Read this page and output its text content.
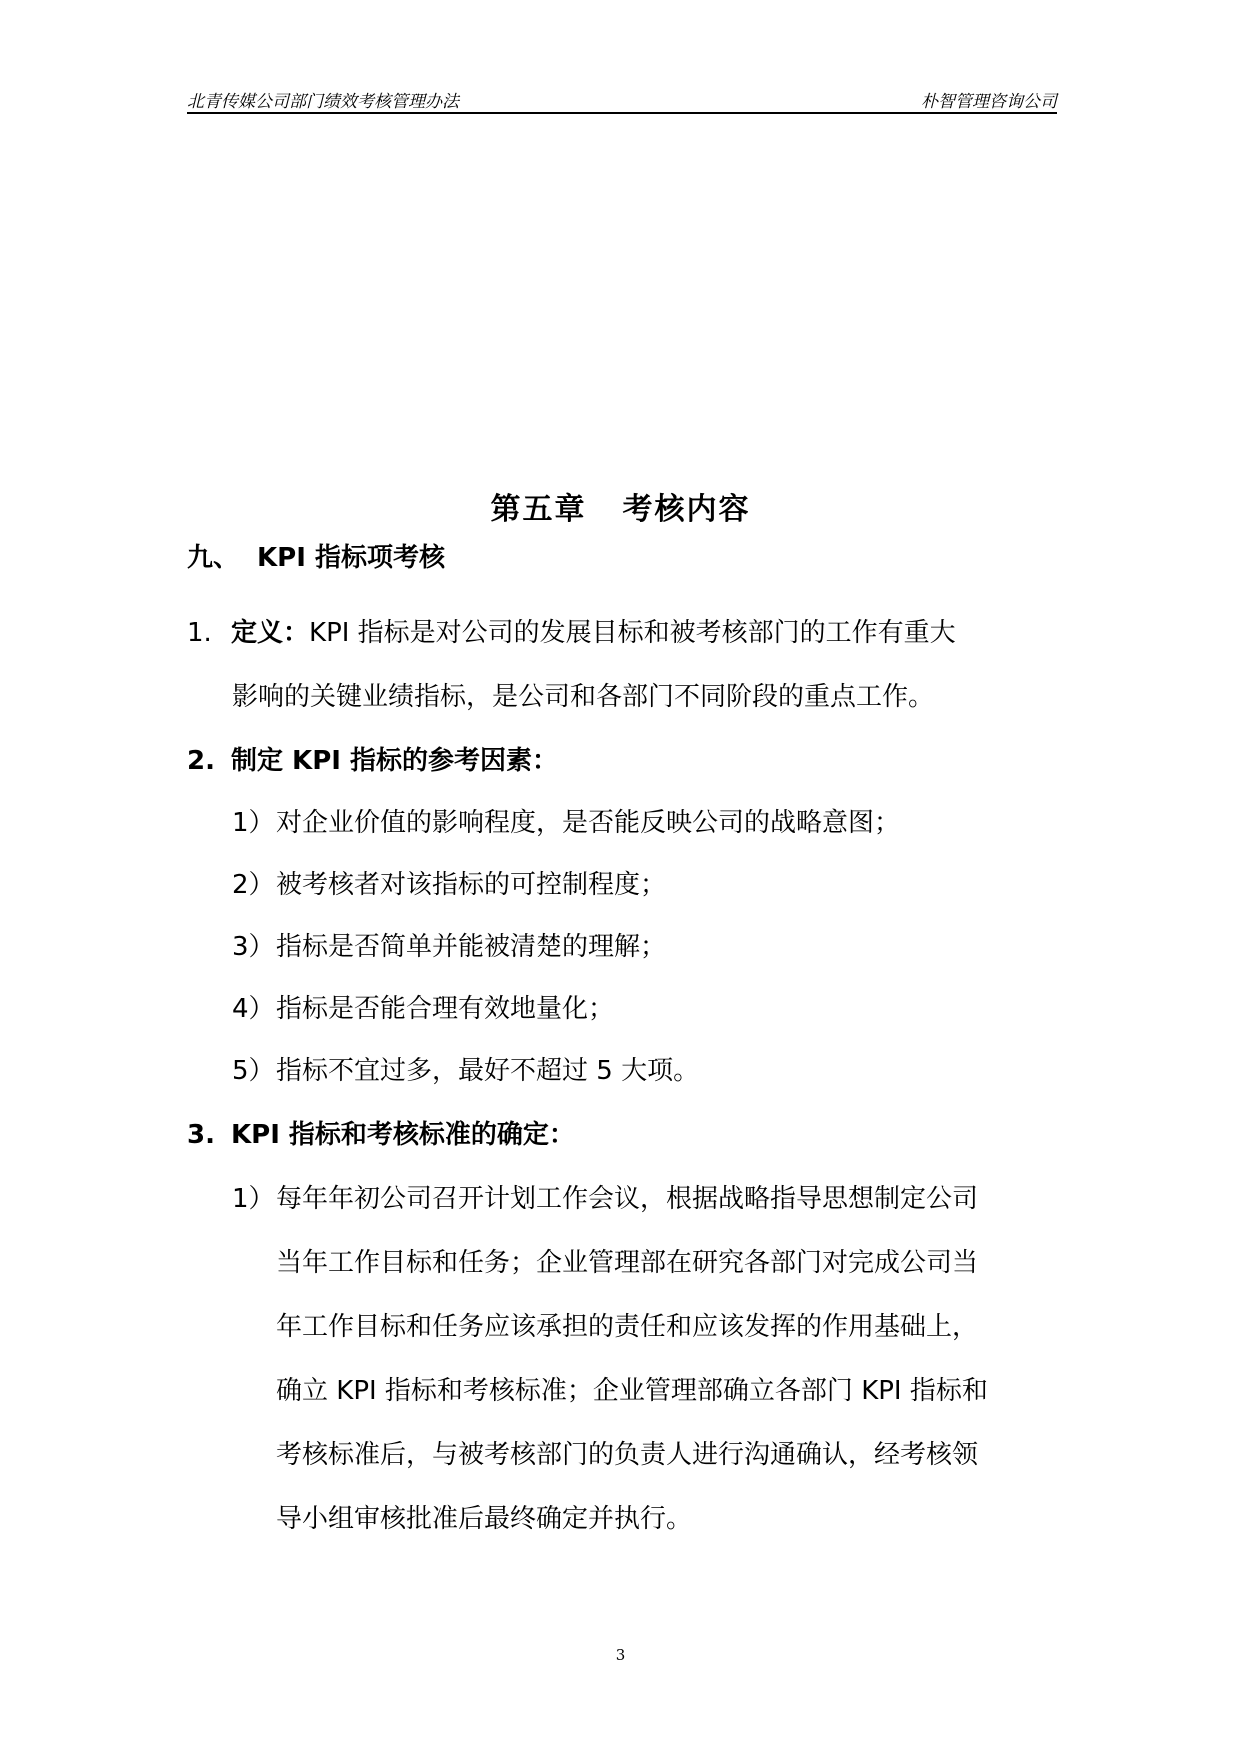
北青传媒公司部门绩效考核管理办法	朴智管理咨询公司
第五章 考核内容
九、 KPI 指标项考核
1. 定义：KPI 指标是对公司的发展目标和被考核部门的工作有重大
影响的关键业绩指标，是公司和各部门不同阶段的重点工作。
2. 制定 KPI 指标的参考因素：
1）对企业价值的影响程度，是否能反映公司的战略意图；
2）被考核者对该指标的可控制程度；
3）指标是否简单并能被清楚的理解；
4）指标是否能合理有效地量化；
5）指标不宜过多，最好不超过 5 大项。
3. KPI 指标和考核标准的确定：
1）每年年初公司召开计划工作会议，根据战略指导思想制定公司
当年工作目标和任务；企业管理部在研究各部门对完成公司当
年工作目标和任务应该承担的责任和应该发挥的作用基础上，
确立 KPI 指标和考核标准；企业管理部确立各部门 KPI 指标和
考核标准后，与被考核部门的负责人进行沟通确认，经考核领
导小组审核批准后最终确定并执行。
3
